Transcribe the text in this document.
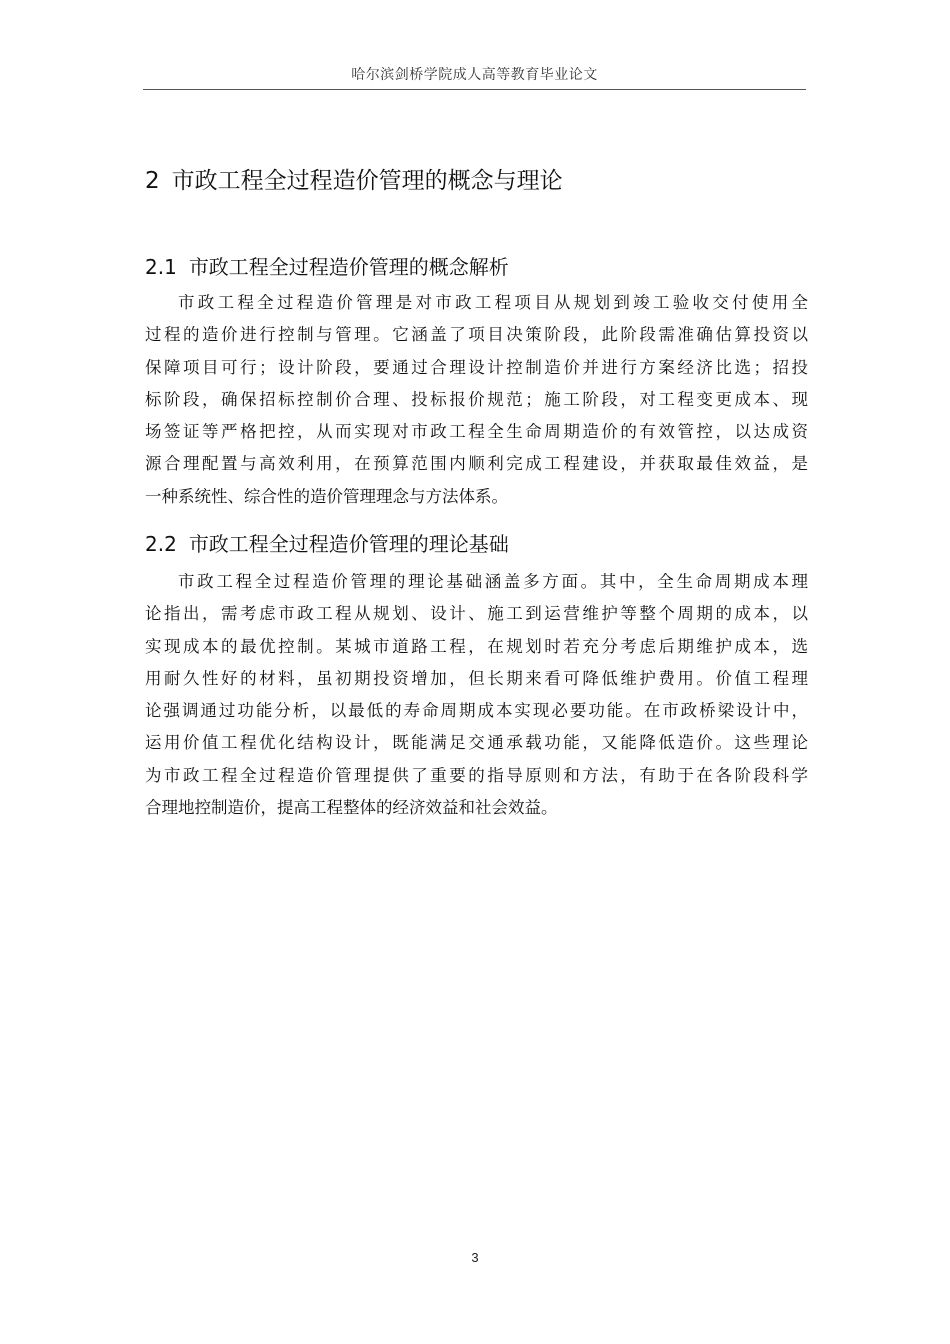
哈尔滨剑桥学院成人高等教育毕业论文
2 市政工程全过程造价管理的概念与理论
2.1 市政工程全过程造价管理的概念解析
市政工程全过程造价管理是对市政工程项目从规划到竣工验收交付使用全
过程的造价进行控制与管理。它涵盖了项目决策阶段，此阶段需准确估算投资以
保障项目可行；设计阶段，要通过合理设计控制造价并进行方案经济比选；招投
标阶段，确保招标控制价合理、投标报价规范；施工阶段，对工程变更成本、现
场签证等严格把控，从而实现对市政工程全生命周期造价的有效管控，以达成资
源合理配置与高效利用，在预算范围内顺利完成工程建设，并获取最佳效益，是
一种系统性、综合性的造价管理理念与方法体系。
2.2 市政工程全过程造价管理的理论基础
市政工程全过程造价管理的理论基础涵盖多方面。其中，全生命周期成本理
论指出，需考虑市政工程从规划、设计、施工到运营维护等整个周期的成本，以
实现成本的最优控制。某城市道路工程，在规划时若充分考虑后期维护成本，选
用耐久性好的材料，虽初期投资增加，但长期来看可降低维护费用。价值工程理
论强调通过功能分析，以最低的寿命周期成本实现必要功能。在市政桥梁设计中，
运用价值工程优化结构设计，既能满足交通承载功能，又能降低造价。这些理论
为市政工程全过程造价管理提供了重要的指导原则和方法，有助于在各阶段科学
合理地控制造价，提高工程整体的经济效益和社会效益。
3
